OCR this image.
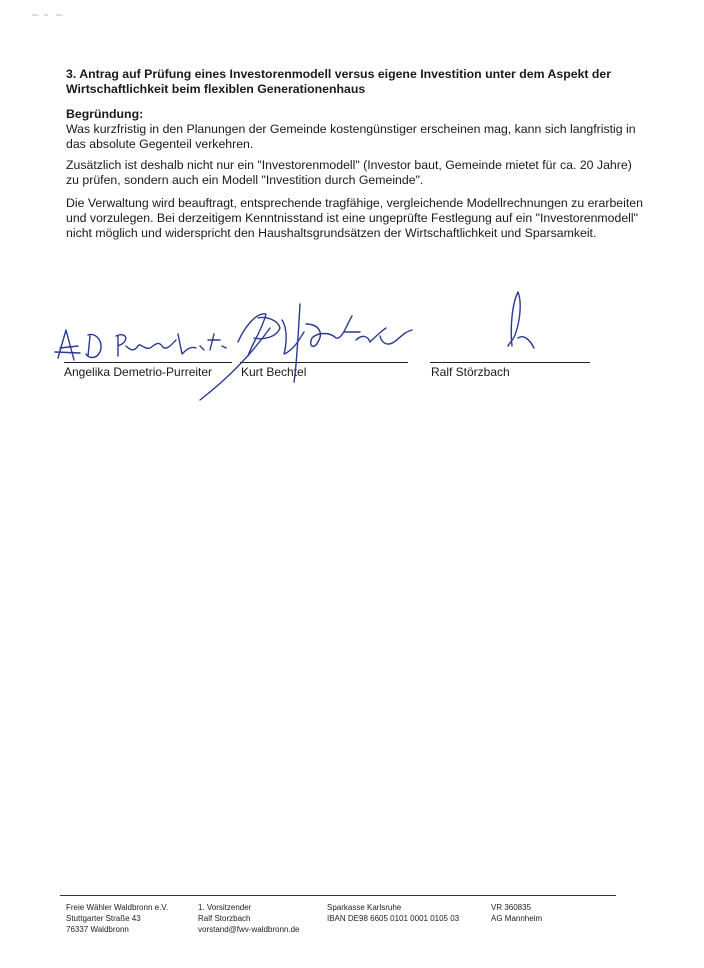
3. Antrag auf Prüfung eines Investorenmodell versus eigene Investition unter dem Aspekt der Wirtschaftlichkeit beim flexiblen Generationenhaus
Begründung:
Was kurzfristig in den Planungen der Gemeinde kostengünstiger erscheinen mag, kann sich langfristig in das absolute Gegenteil verkehren.
Zusätzlich ist deshalb nicht nur ein "Investorenmodell" (Investor baut, Gemeinde mietet für ca. 20 Jahre) zu prüfen, sondern auch ein Modell "Investition durch Gemeinde".
Die Verwaltung wird beauftragt, entsprechende tragfähige, vergleichende Modellrechnungen zu erarbeiten und vorzulegen. Bei derzeitigem Kenntnisstand ist eine ungeprüfte Festlegung auf ein "Investorenmodell" nicht möglich und widerspricht den Haushaltsgrundsätzen der Wirtschaftlichkeit und Sparsamkeit.
Angelika Demetrio-Purreiter Kurt Bechtel	Ralf Störzbach
Freie Wähler Waldbronn e.V.
Stuttgarter Straße 43
76337 Waldbronn
1. Vorsitzender
Ralf Storzbach
vorstand@fwv-waldbronn.de
Sparkasse Karlsruhe
IBAN DE98 6605 0101 0001 0105 03
VR 360835
AG Mannheim
